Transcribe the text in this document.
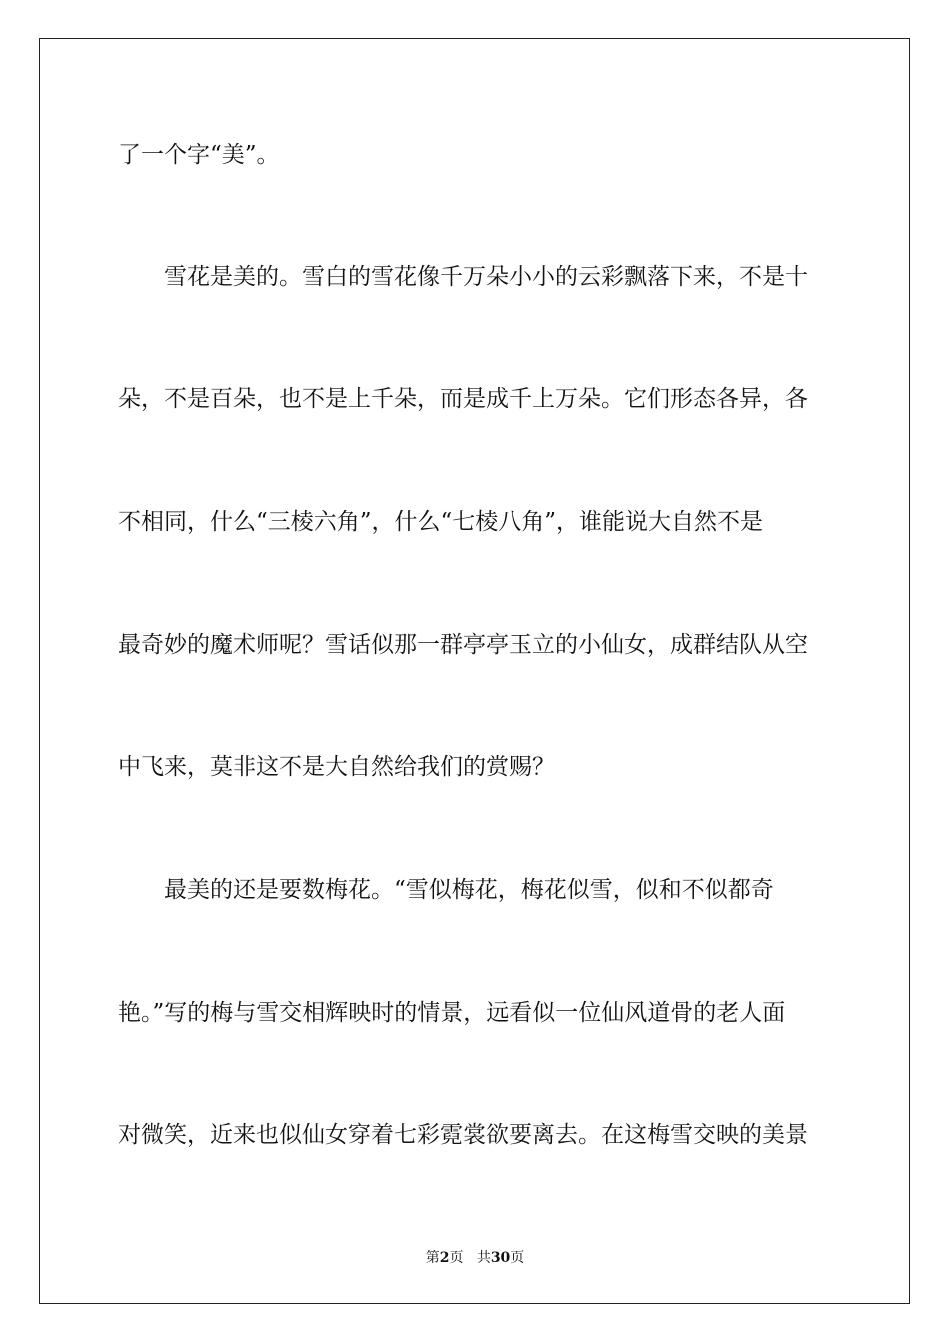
了一个字“美”。
雪花是美的。雪白的雪花像千万朵小小的云彩飘落下来，不是十
朵，不是百朵，也不是上千朵，而是成千上万朵。它们形态各异，各
不相同，什么“三棱六角”，什么“七棱八角”，谁能说大自然不是
最奇妙的魔术师呢？雪话似那一群亭亭玉立的小仙女，成群结队从空
中飞来，莫非这不是大自然给我们的赏赐？
最美的还是要数梅花。“雪似梅花，梅花似雪，似和不似都奇
艳。”写的梅与雪交相辉映时的情景，远看似一位仙风道骨的老人面
对微笑，近来也似仙女穿着七彩霓裳欲要离去。在这梅雪交映的美景
第2页 共30页
